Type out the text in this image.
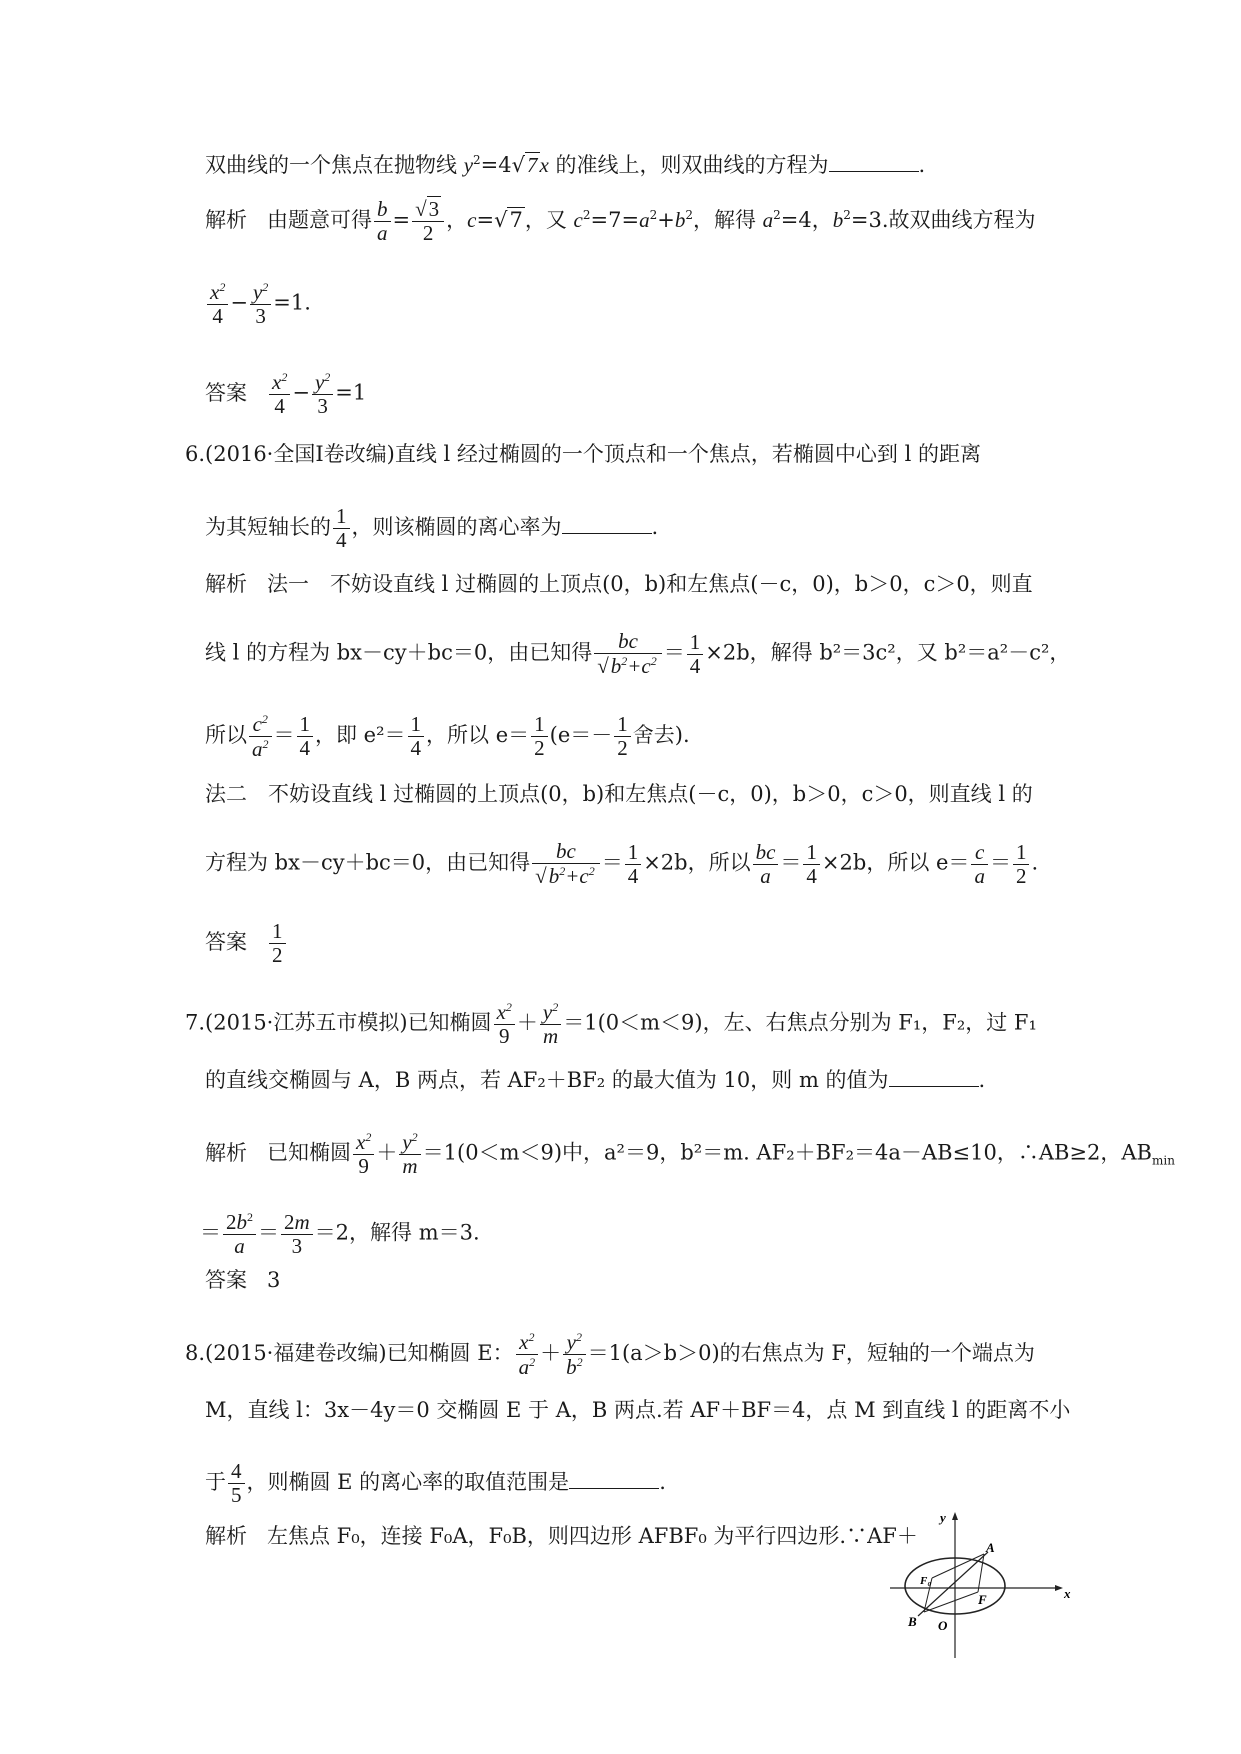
双曲线的一个焦点在抛物线 $y^2=4√$ 7x 的准线上，则双曲线的方程为	.
解析 由题意可得 $\frac{b}{a}$ =
√ $\frac{3}{2}$ ，c=√ 7，又 $c^2=7=a^2+b^2$，解得 $a^2=4$，$b^2=3$.故双曲线方程为
$\frac{x^2}{4} - \frac{y^2}{3} =1$.
答案 $\frac{x^2}{4} - \frac{y^2}{3} =1$
6.(2016·全国Ⅰ卷改编)直线 l 经过椭圆的一个顶点和一个焦点，若椭圆中心到 l 的距离
为其短轴长的 $\frac{1}{4}$ ，则该椭圆的离心率为	.
解析 法一　不妨设直线 l 过椭圆的上顶点(0，b)和左焦点(－c，0)，b＞0，c＞0，则直
线 l 的方程为 bx－cy＋bc＝0，由已知得 bc
√ $b^2+c^2 = \frac{1}{4} \times 2b$，解得 b²＝3c²，又 b²＝a²－c²，
所以 $\frac{c^2}{a^2} = \frac{1}{4}$ ，即 $e^2= \frac{1}{4}$ ，所以 $e= \frac{1}{2} (e=- \frac{1}{2}$ 舍去).
法二　不妨设直线 l 过椭圆的上顶点(0，b)和左焦点(－c，0)，b＞0，c＞0，则直线 l 的
方程为 bx－cy＋bc＝0，由已知得 bc
√ $b^2+c^2 = \frac{1}{4} \times 2b$，所以 $\frac{bc}{a} = \frac{1}{4} \times 2b$，所以 $e= \frac{c}{a} = \frac{1}{2}$ .
答案 $\frac{1}{2}$
7.(2015·江苏五市模拟)已知椭圆 $\frac{x^2}{9} + \frac{y^2}{m} =1(0<m<9)$，左、右焦点分别为 F₁，F₂，过 F₁
的直线交椭圆与 A，B 两点，若 AF₂＋BF₂ 的最大值为 10，则 m 的值为	.
解析 已知椭圆 $\frac{x^2}{9} + \frac{y^2}{m} =1(0<m<9)$中，a²＝9，b²＝m. AF₂＋BF₂＝4a－AB≤10，∴AB≥2，$AB_{min}$
＝ $\frac{2b^2}{a} = \frac{2m}{3} =2$，解得 m＝3.
答案 3
8.(2015·福建卷改编)已知椭圆 E： $\frac{x^2}{a^2} + \frac{y^2}{b^2} =1(a>b>0)$的右焦点为 F，短轴的一个端点为
M，直线 l：3x－4y＝0 交椭圆 E 于 A，B 两点.若 AF＋BF＝4，点 M 到直线 l 的距离不小
于 $\frac{4}{5}$ ，则椭圆 E 的离心率的取值范围是	.
解析 左焦点 F₀，连接 F₀A，F₀B，则四边形 AFBF₀ 为平行四边形.∵AF＋
y
x
A
B O
F
F₀
